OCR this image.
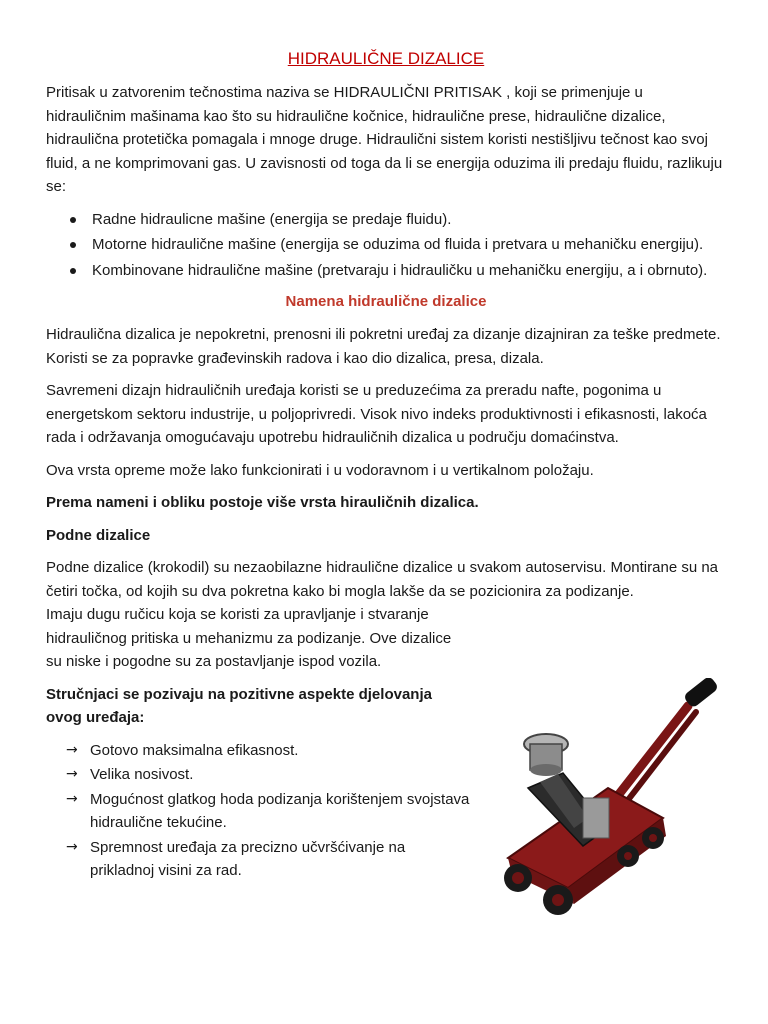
HIDRAULIČNE DIZALICE

Pritisak u zatvorenim tečnostima naziva se HIDRAULIČNI PRITISAK , koji se primenjuje u hidrauličnim mašinama kao što su hidraulične kočnice, hidraulične prese, hidraulične dizalice, hidraulična protetička pomagala i mnoge druge. Hidraulični sistem koristi nestišljivu tečnost kao svoj fluid, a ne komprimovani gas. U zavisnosti od toga da li se energija oduzima ili predaju fluidu, razlikuju se:

Radne hidraulicne mašine (energija se predaje fluidu).
Motorne hidraulične mašine (energija se oduzima od fluida i pretvara u mehaničku energiju).
Kombinovane hidraulične mašine (pretvaraju i hidrauličku u mehaničku energiju, a i obrnuto).
Namena hidraulične dizalice

Hidraulična dizalica je nepokretni, prenosni ili pokretni uređaj za dizanje dizajniran za teške predmete. Koristi se za popravke građevinskih radova i kao dio dizalica, presa, dizala.

Savremeni dizajn hidrauličnih uređaja koristi se u preduzećima za preradu nafte, pogonima u energetskom sektoru industrije, u poljoprivredi. Visok nivo indeks produktivnosti i efikasnosti, lakoća rada i održavanja omogućavaju upotrebu hidrauličnih dizalica u području domaćinstva.

Ova vrsta opreme može lako funkcionirati i u vodoravnom i u vertikalnom položaju.

Prema nameni i obliku postoje više vrsta hirauličnih dizalica.

Podne dizalice

Podne dizalice (krokodil) su nezaobilazne hidraulične dizalice u svakom autoservisu. Montirane su na četiri točka, od kojih su dva pokretna kako bi mogla lakše da se pozicionira za podizanje.

Imaju dugu ručicu koja se koristi za upravljanje i stvaranje hidrauličnog pritiska u mehanizmu za podizanje. Ove dizalice su niske i pogodne su za postavljanje ispod vozila.

Stručnjaci se pozivaju na pozitivne aspekte djelovanja ovog uređaja:

→ Gotovo maksimalna efikasnost.
→ Velika nosivost.
→ Mogućnost glatkog hoda podizanja korištenjem svojstava hidraulične tekućine.
→ Spremnost uređaja za precizno učvršćivanje na prikladnoj visini za rad.
